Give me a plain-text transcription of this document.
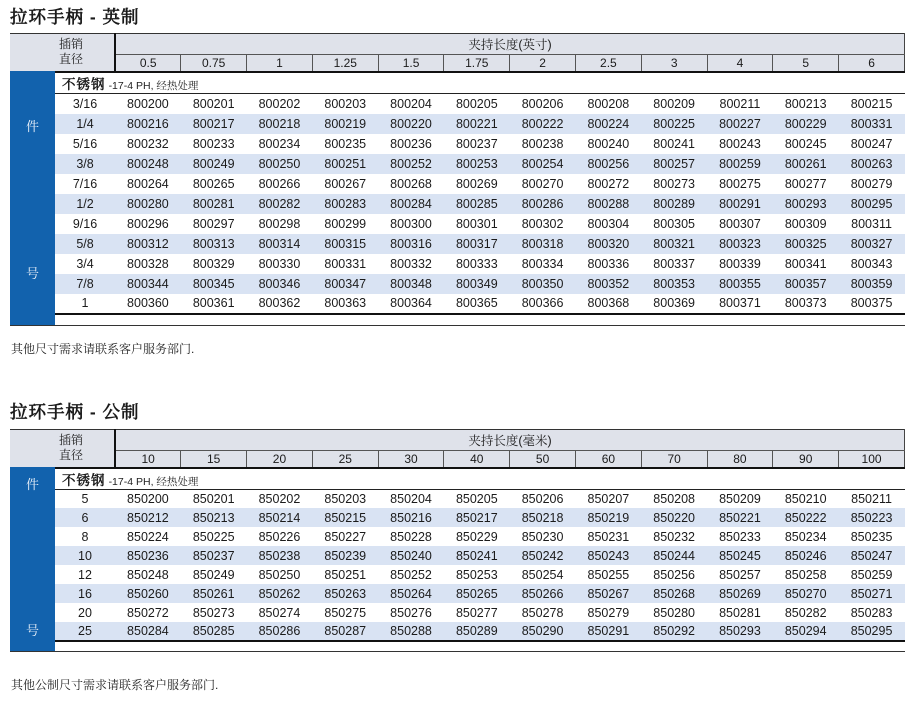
拉环手柄 - 英制
插销
直径		夹持长度(英寸)											
		0.5	0.75	1	1.25	1.5	1.75	2	2.5	3	4	5	6
	不锈钢 -17-4 PH, 经热处理												
	3/16	800200	800201	800202	800203	800204	800205	800206	800208	800209	800211	800213	800215
	1/4	800216	800217	800218	800219	800220	800221	800222	800224	800225	800227	800229	800331
	5/16	800232	800233	800234	800235	800236	800237	800238	800240	800241	800243	800245	800247
	3/8	800248	800249	800250	800251	800252	800253	800254	800256	800257	800259	800261	800263
	7/16	800264	800265	800266	800267	800268	800269	800270	800272	800273	800275	800277	800279
	1/2	800280	800281	800282	800283	800284	800285	800286	800288	800289	800291	800293	800295
	9/16	800296	800297	800298	800299	800300	800301	800302	800304	800305	800307	800309	800311
	5/8	800312	800313	800314	800315	800316	800317	800318	800320	800321	800323	800325	800327
	3/4	800328	800329	800330	800331	800332	800333	800334	800336	800337	800339	800341	800343
	7/8	800344	800345	800346	800347	800348	800349	800350	800352	800353	800355	800357	800359
	1	800360	800361	800362	800363	800364	800365	800366	800368	800369	800371	800373	800375
件
号

其他尺寸需求请联系客户服务部门.

拉环手柄 - 公制
插销
直径		夹持长度(毫米)											
		10	15	20	25	30	40	50	60	70	80	90	100
	不锈钢 -17-4 PH, 经热处理												
	5	850200	850201	850202	850203	850204	850205	850206	850207	850208	850209	850210	850211
	6	850212	850213	850214	850215	850216	850217	850218	850219	850220	850221	850222	850223
	8	850224	850225	850226	850227	850228	850229	850230	850231	850232	850233	850234	850235
	10	850236	850237	850238	850239	850240	850241	850242	850243	850244	850245	850246	850247
	12	850248	850249	850250	850251	850252	850253	850254	850255	850256	850257	850258	850259
	16	850260	850261	850262	850263	850264	850265	850266	850267	850268	850269	850270	850271
	20	850272	850273	850274	850275	850276	850277	850278	850279	850280	850281	850282	850283
	25	850284	850285	850286	850287	850288	850289	850290	850291	850292	850293	850294	850295
件
号

其他公制尺寸需求请联系客户服务部门.
